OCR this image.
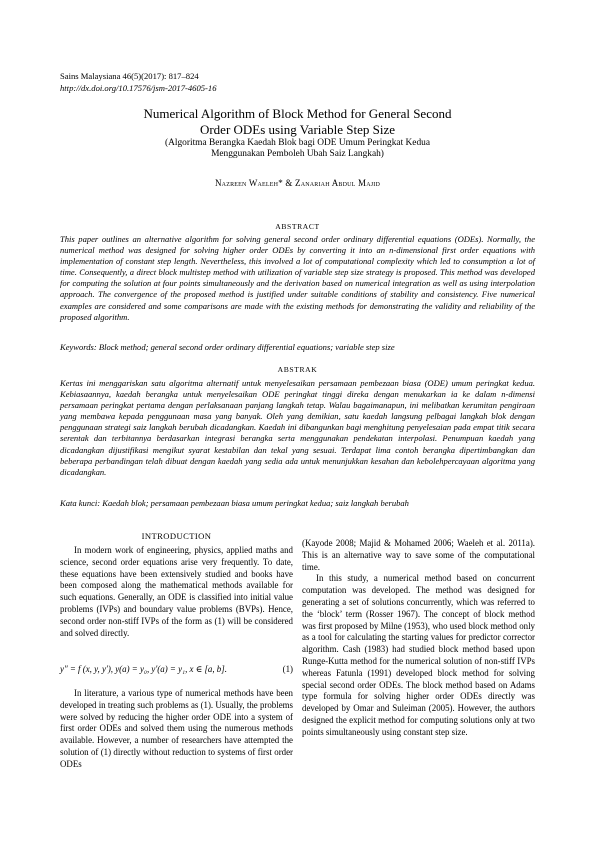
Sains Malaysiana 46(5)(2017): 817–824
http://dx.doi.org/10.17576/jsm-2017-4605-16
Numerical Algorithm of Block Method for General Second
Order ODEs using Variable Step Size
(Algoritma Berangka Kaedah Blok bagi ODE Umum Peringkat Kedua
Menggunakan Pemboleh Ubah Saiz Langkah)
Nazreen Waeleh* & Zanariah Abdul Majid
ABSTRACT
This paper outlines an alternative algorithm for solving general second order ordinary differential equations (ODEs). Normally, the numerical method was designed for solving higher order ODEs by converting it into an n-dimensional first order equations with implementation of constant step length. Nevertheless, this involved a lot of computational complexity which led to consumption a lot of time. Consequently, a direct block multistep method with utilization of variable step size strategy is proposed. This method was developed for computing the solution at four points simultaneously and the derivation based on numerical integration as well as using interpolation approach. The convergence of the proposed method is justified under suitable conditions of stability and consistency. Five numerical examples are considered and some comparisons are made with the existing methods for demonstrating the validity and reliability of the proposed algorithm.
Keywords: Block method; general second order ordinary differential equations; variable step size
ABSTRAK
Kertas ini menggariskan satu algoritma alternatif untuk menyelesaikan persamaan pembezaan biasa (ODE) umum peringkat kedua. Kebiasaannya, kaedah berangka untuk menyelesaikan ODE peringkat tinggi direka dengan menukarkan ia ke dalam n-dimensi persamaan peringkat pertama dengan perlaksanaan panjang langkah tetap. Walau bagaimanapun, ini melibatkan kerumitan pengiraan yang membawa kepada penggunaan masa yang banyak. Oleh yang demikian, satu kaedah langsung pelbagai langkah blok dengan penggunaan strategi saiz langkah berubah dicadangkan. Kaedah ini dibangunkan bagi menghitung penyelesaian pada empat titik secara serentak dan terbitannya berdasarkan integrasi berangka serta menggunakan pendekatan interpolasi. Penumpuan kaedah yang dicadangkan dijustifikasi mengikut syarat kestabilan dan tekal yang sesuai. Terdapat lima contoh berangka dipertimbangkan dan beberapa perbandingan telah dibuat dengan kaedah yang sedia ada untuk menunjukkan kesahan dan kebolehpercayaan algoritma yang dicadangkan.
Kata kunci: Kaedah blok; persamaan pembezaan biasa umum peringkat kedua; saiz langkah berubah
INTRODUCTION

In modern work of engineering, physics, applied maths and science, second order equations arise very frequently. To date, these equations have been extensively studied and books have been composed along the mathematical methods available for such equations. Generally, an ODE is classified into initial value problems (IVPs) and boundary value problems (BVPs). Hence, second order non-stiff IVPs of the form as (1) will be considered and solved directly.

y″ = f (x, y, y′), y(a) = y₀, y′(a) = y₁, x ∈ [a, b].	(1)

In literature, a various type of numerical methods have been developed in treating such problems as (1). Usually, the problems were solved by reducing the higher order ODE into a system of first order ODEs and solved them using the numerous methods available. However, a number of researchers have attempted the solution of (1) directly without reduction to systems of first order ODEs

(Kayode 2008; Majid & Mohamed 2006; Waeleh et al. 2011a). This is an alternative way to save some of the computational time.

In this study, a numerical method based on concurrent computation was developed. The method was designed for generating a set of solutions concurrently, which was referred to the ‘block’ term (Rosser 1967). The concept of block method was first proposed by Milne (1953), who used block method only as a tool for calculating the starting values for predictor corrector algorithm. Cash (1983) had studied block method based upon Runge-Kutta method for the numerical solution of non-stiff IVPs whereas Fatunla (1991) developed block method for solving special second order ODEs. The block method based on Adams type formula for solving higher order ODEs directly was developed by Omar and Suleiman (2005). However, the authors designed the explicit method for computing solutions only at two points simultaneously using constant step size.
